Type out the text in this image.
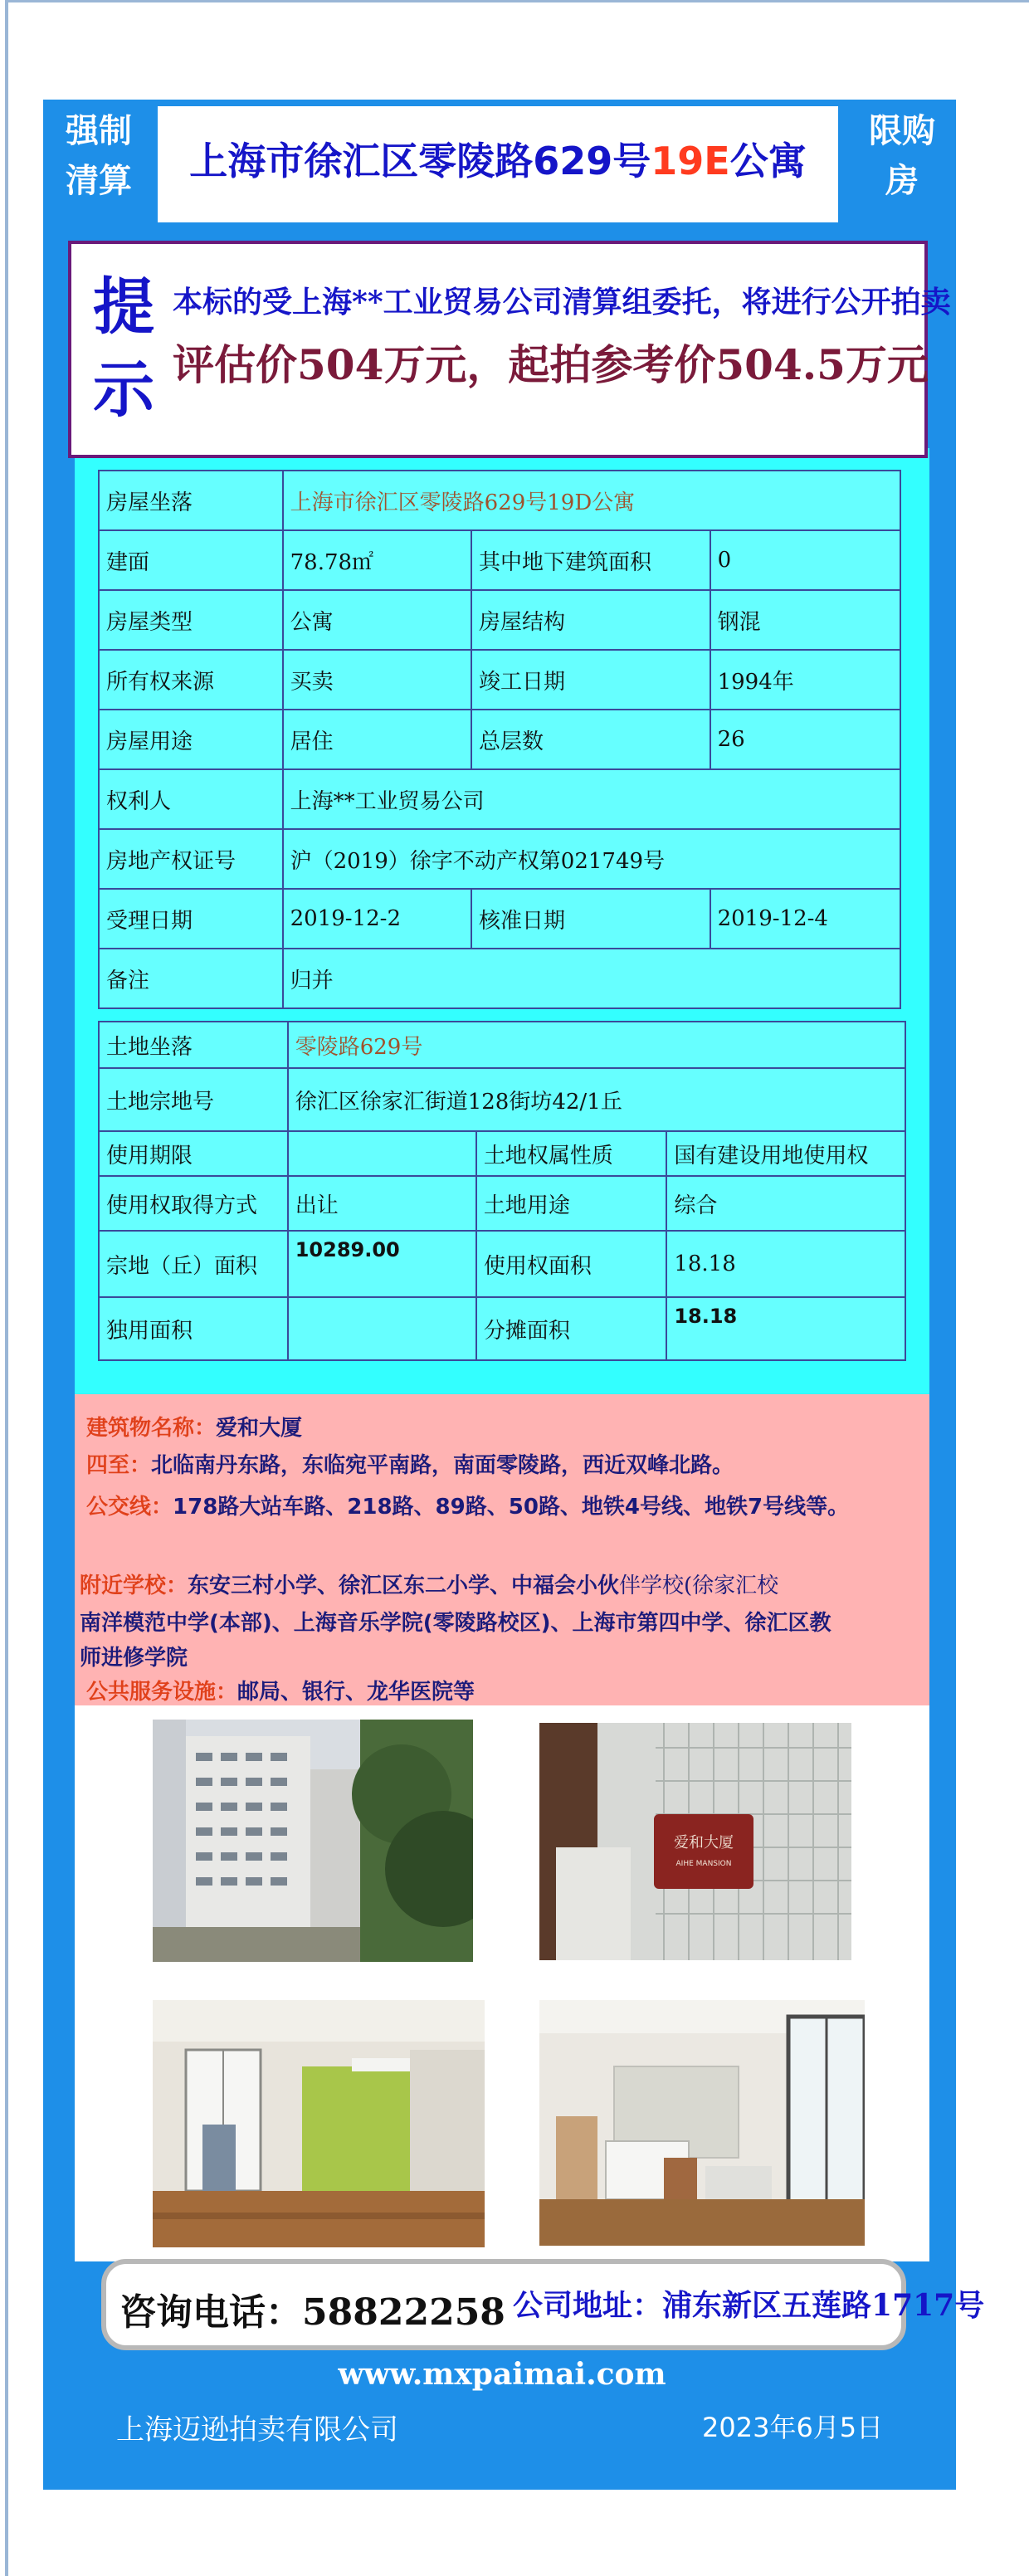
强制
清算	上海市徐汇区零陵路629号19E公寓
限购
房
提
示
本标的受上海**工业贸易公司清算组委托，将进行公开拍卖
评估价504万元，起拍参考价504.5万元
房屋坐落	上海市徐汇区零陵路629号19D公寓		
建面	78.78㎡	其中地下建筑面积	0
房屋类型	公寓	房屋结构	钢混
所有权来源	买卖	竣工日期	1994年
房屋用途	居住	总层数	26
权利人	上海**工业贸易公司		
房地产权证号	沪（2019）徐字不动产权第021749号		
受理日期	2019-12-2	核准日期	2019-12-4
备注	归并		
土地坐落	零陵路629号		
土地宗地号	徐汇区徐家汇街道128街坊42/1丘		
使用期限		土地权属性质	国有建设用地使用权
使用权取得方式	出让	土地用途	综合
宗地（丘）面积	10289.00	使用权面积	18.18
独用面积		分摊面积	18.18
建筑物名称：爱和大厦
四至：北临南丹东路，东临宛平南路，南面零陵路，西近双峰北路。
公交线：178路大站车路、218路、89路、50路、地铁4号线、地铁7号线等。
附近学校：东安三村小学、徐汇区东二小学、中福会小伙伴学校(徐家汇校
南洋模范中学(本部)、上海音乐学院(零陵路校区)、上海市第四中学、徐汇区教
师进修学院
公共服务设施：邮局、银行、龙华医院等
爱和大厦
AIHE MANSION
咨询电话：58822258 公司地址：浦东新区五莲路1717号
www.mxpaimai.com
上海迈逊拍卖有限公司	2023年6月5日
